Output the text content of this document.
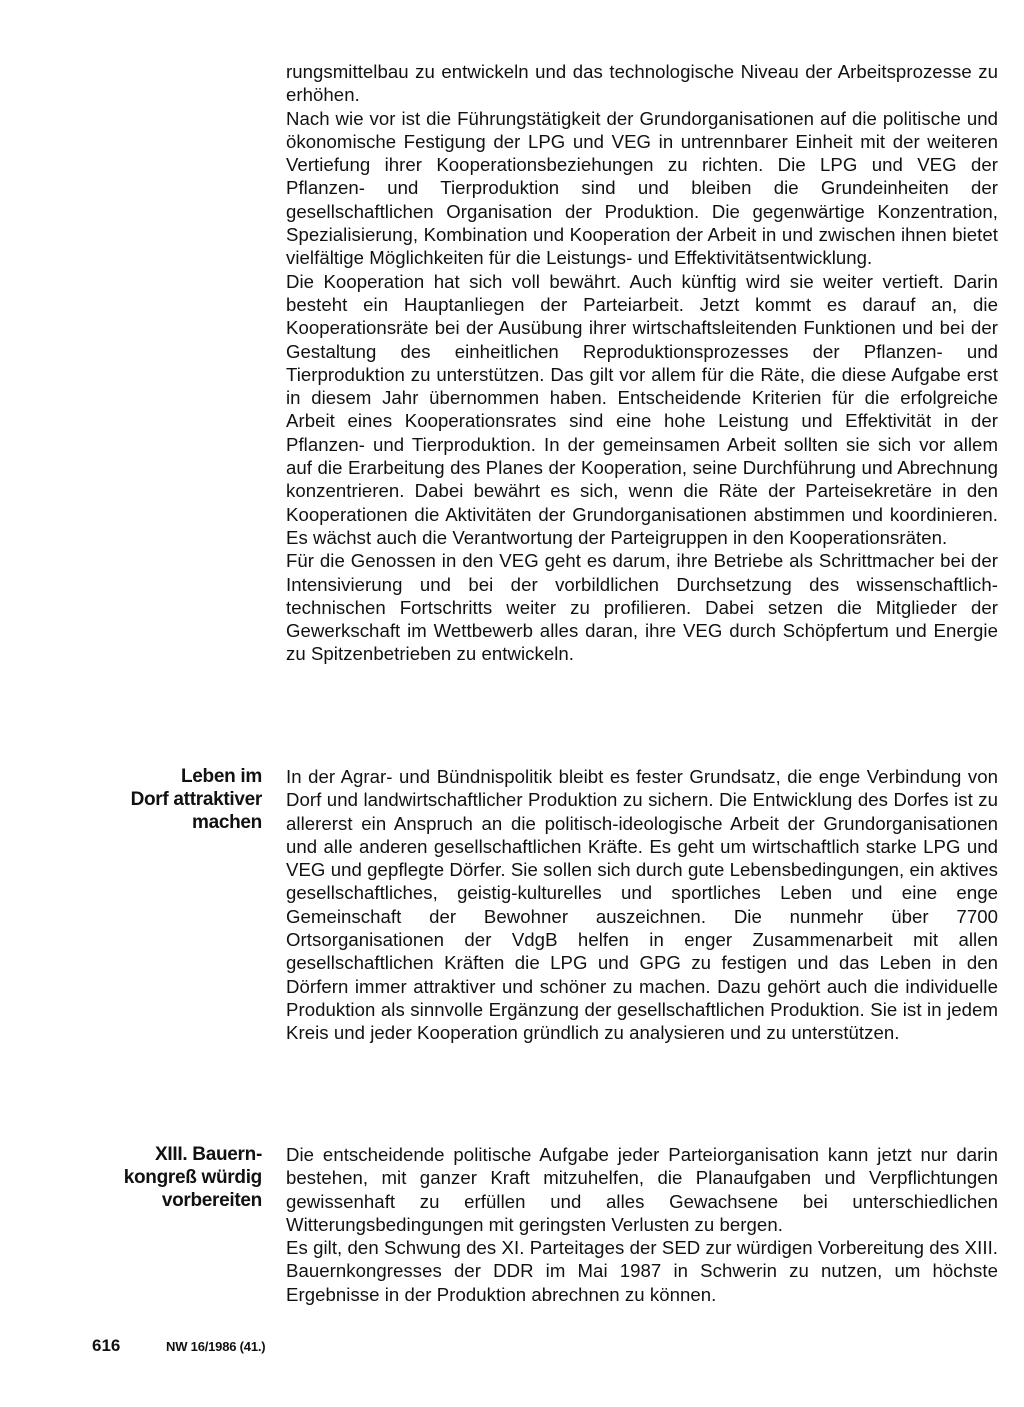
rungsmittelbau zu entwickeln und das technologische Niveau der Arbeitsprozesse zu erhöhen.

Nach wie vor ist die Führungstätigkeit der Grundorganisationen auf die politische und ökonomische Festigung der LPG und VEG in untrennbarer Einheit mit der weiteren Vertiefung ihrer Kooperationsbeziehungen zu richten. Die LPG und VEG der Pflanzen- und Tierproduktion sind und bleiben die Grundeinheiten der gesellschaftlichen Organisation der Produktion. Die gegenwärtige Konzentration, Spezialisierung, Kombination und Kooperation der Arbeit in und zwischen ihnen bietet vielfältige Möglichkeiten für die Leistungs- und Effektivitätsentwicklung.

Die Kooperation hat sich voll bewährt. Auch künftig wird sie weiter vertieft. Darin besteht ein Hauptanliegen der Parteiarbeit. Jetzt kommt es darauf an, die Kooperationsräte bei der Ausübung ihrer wirtschaftsleitenden Funktionen und bei der Gestaltung des einheitlichen Reproduktionsprozesses der Pflanzen- und Tierproduktion zu unterstützen. Das gilt vor allem für die Räte, die diese Aufgabe erst in diesem Jahr übernommen haben. Entscheidende Kriterien für die erfolgreiche Arbeit eines Kooperationsrates sind eine hohe Leistung und Effektivität in der Pflanzen- und Tierproduktion. In der gemeinsamen Arbeit sollten sie sich vor allem auf die Erarbeitung des Planes der Kooperation, seine Durchführung und Abrechnung konzentrieren. Dabei bewährt es sich, wenn die Räte der Parteisekretäre in den Kooperationen die Aktivitäten der Grundorganisationen abstimmen und koordinieren. Es wächst auch die Verantwortung der Parteigruppen in den Kooperationsräten.

Für die Genossen in den VEG geht es darum, ihre Betriebe als Schrittmacher bei der Intensivierung und bei der vorbildlichen Durchsetzung des wissenschaftlich-technischen Fortschritts weiter zu profilieren. Dabei setzen die Mitglieder der Gewerkschaft im Wettbewerb alles daran, ihre VEG durch Schöpfertum und Energie zu Spitzenbetrieben zu entwickeln.

Leben im
Dorf attraktiver
machen

In der Agrar- und Bündnispolitik bleibt es fester Grundsatz, die enge Verbindung von Dorf und landwirtschaftlicher Produktion zu sichern. Die Entwicklung des Dorfes ist zu allererst ein Anspruch an die politisch-ideologische Arbeit der Grundorganisationen und alle anderen gesellschaftlichen Kräfte. Es geht um wirtschaftlich starke LPG und VEG und gepflegte Dörfer. Sie sollen sich durch gute Lebensbedingungen, ein aktives gesellschaftliches, geistig-kulturelles und sportliches Leben und eine enge Gemeinschaft der Bewohner auszeichnen. Die nunmehr über 7700 Ortsorganisationen der VdgB helfen in enger Zusammenarbeit mit allen gesellschaftlichen Kräften die LPG und GPG zu festigen und das Leben in den Dörfern immer attraktiver und schöner zu machen. Dazu gehört auch die individuelle Produktion als sinnvolle Ergänzung der gesellschaftlichen Produktion. Sie ist in jedem Kreis und jeder Kooperation gründlich zu analysieren und zu unterstützen.

XIII. Bauern-
kongreß würdig
vorbereiten

Die entscheidende politische Aufgabe jeder Parteiorganisation kann jetzt nur darin bestehen, mit ganzer Kraft mitzuhelfen, die Planaufgaben und Verpflichtungen gewissenhaft zu erfüllen und alles Gewachsene bei unterschiedlichen Witterungsbedingungen mit geringsten Verlusten zu bergen.

Es gilt, den Schwung des XI. Parteitages der SED zur würdigen Vorbereitung des XIII. Bauernkongresses der DDR im Mai 1987 in Schwerin zu nutzen, um höchste Ergebnisse in der Produktion abrechnen zu können.

616	NW 16/1986 (41.)
